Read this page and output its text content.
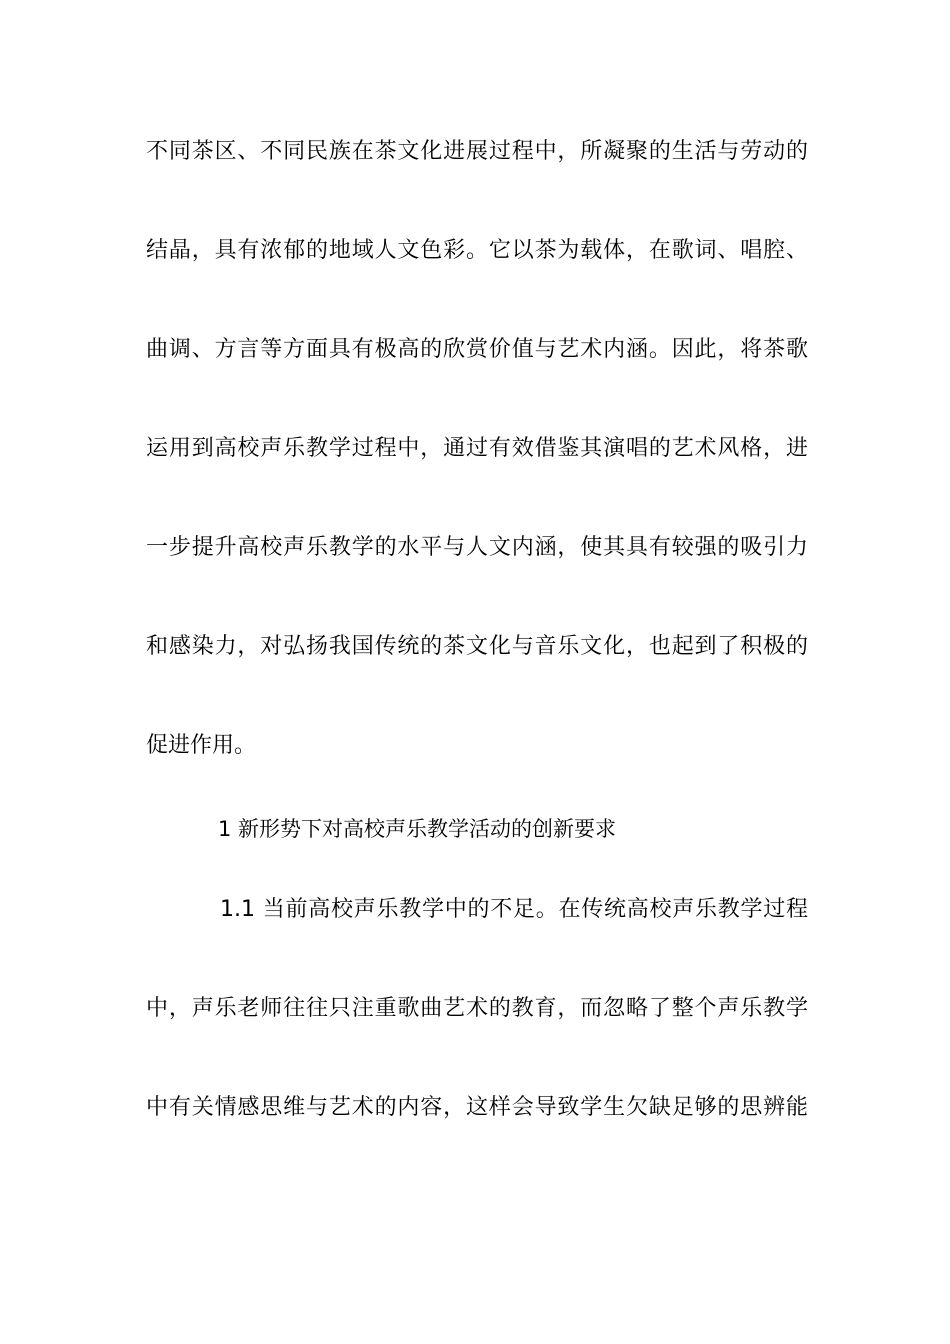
不同茶区、不同民族在茶文化进展过程中，所凝聚的生活与劳动的
结晶，具有浓郁的地域人文色彩。它以茶为载体，在歌词、唱腔、
曲调、方言等方面具有极高的欣赏价值与艺术内涵。因此，将茶歌
运用到高校声乐教学过程中，通过有效借鉴其演唱的艺术风格，进
一步提升高校声乐教学的水平与人文内涵，使其具有较强的吸引力
和感染力，对弘扬我国传统的茶文化与音乐文化，也起到了积极的
促进作用。
1 新形势下对高校声乐教学活动的创新要求
1.1 当前高校声乐教学中的不足。在传统高校声乐教学过程
中，声乐老师往往只注重歌曲艺术的教育，而忽略了整个声乐教学
中有关情感思维与艺术的内容，这样会导致学生欠缺足够的思辨能
